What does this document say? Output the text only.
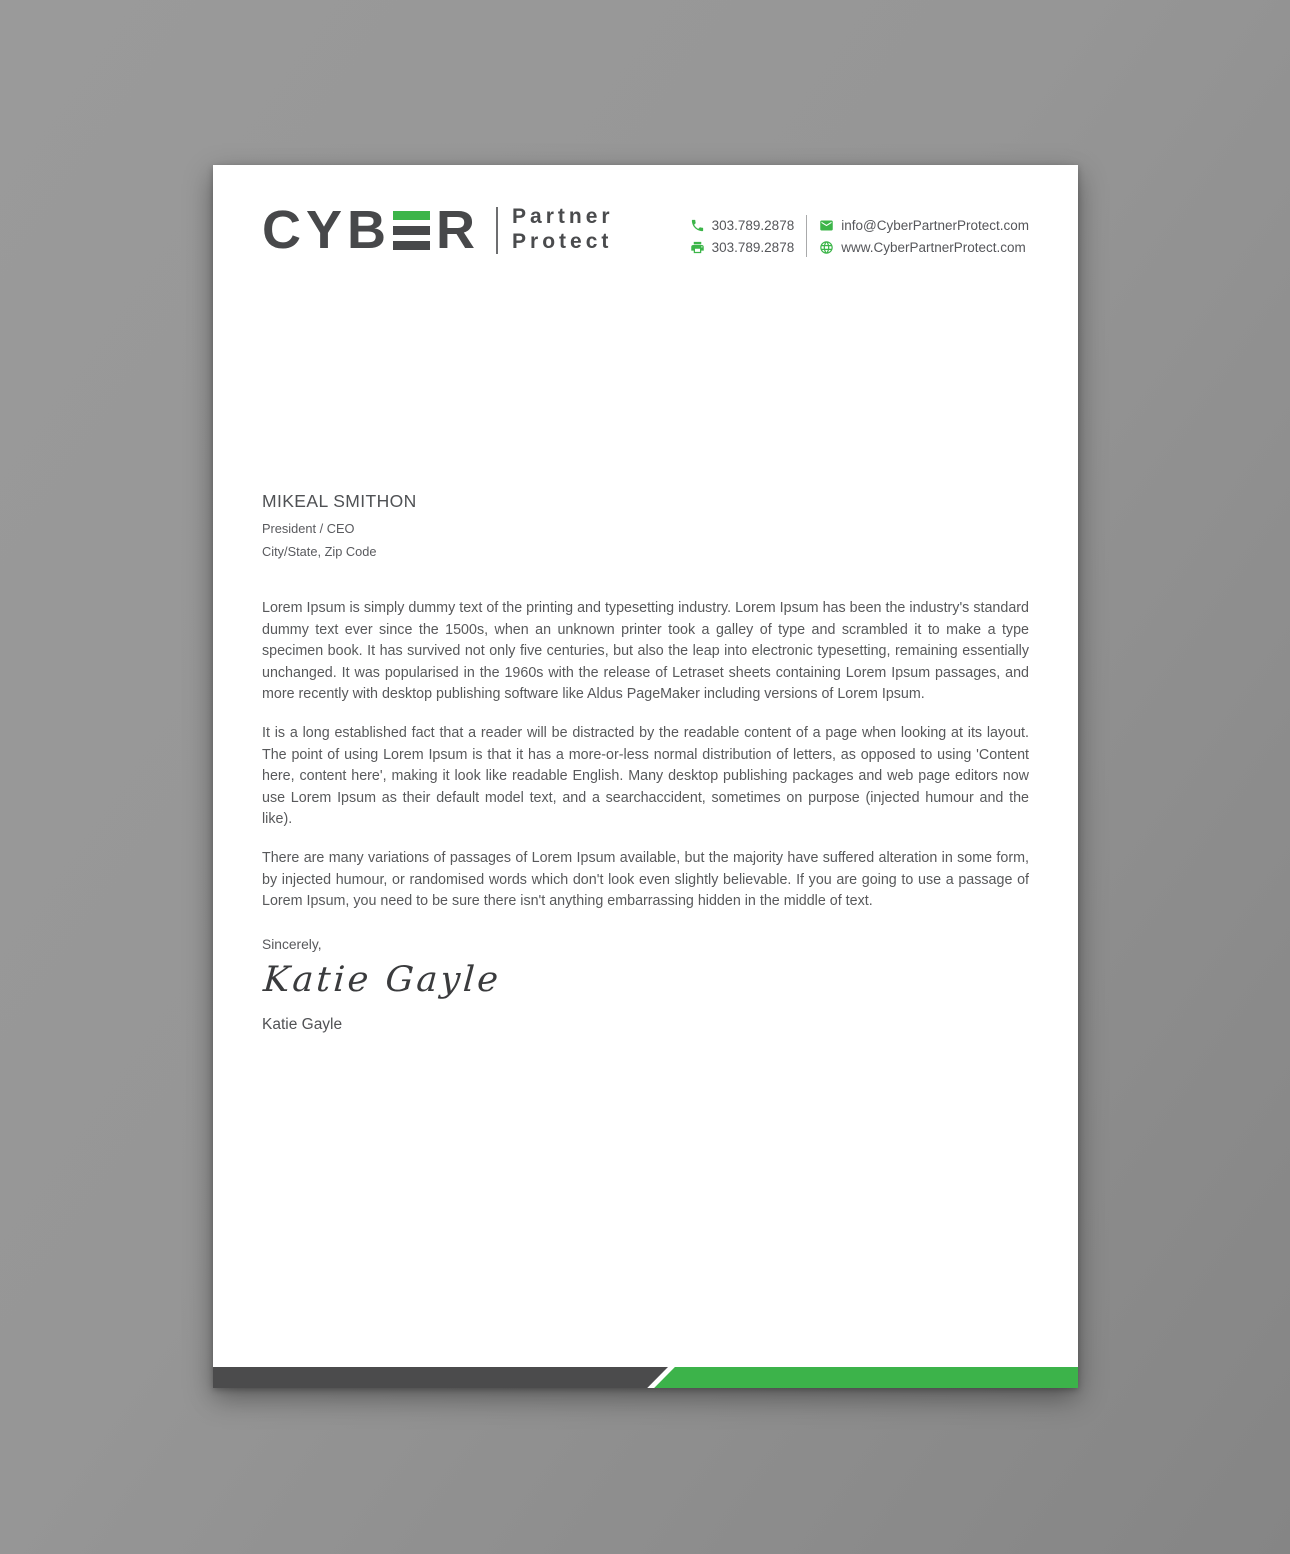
CYB R Partner
Protect
303.789.2878
303.789.2878
info@CyberPartnerProtect.com
www.CyberPartnerProtect.com
MIKEAL SMITHON
President / CEO
City/State, Zip Code

Lorem Ipsum is simply dummy text of the printing and typesetting industry. Lorem Ipsum has been the industry's standard dummy text ever since the 1500s, when an unknown printer took a galley of type and scrambled it to make a type specimen book. It has survived not only five centuries, but also the leap into electronic typesetting, remaining essentially unchanged. It was popularised in the 1960s with the release of Letraset sheets containing Lorem Ipsum passages, and more recently with desktop publishing software like Aldus PageMaker including versions of Lorem Ipsum.

It is a long established fact that a reader will be distracted by the readable content of a page when looking at its layout. The point of using Lorem Ipsum is that it has a more-or-less normal distribution of letters, as opposed to using 'Content here, content here', making it look like readable English. Many desktop publishing packages and web page editors now use Lorem Ipsum as their default model text, and a searchaccident, sometimes on purpose (injected humour and the like).

There are many variations of passages of Lorem Ipsum available, but the majority have suffered alteration in some form, by injected humour, or randomised words which don't look even slightly believable. If you are going to use a passage of Lorem Ipsum, you need to be sure there isn't anything embarrassing hidden in the middle of text.

Sincerely,
Katie Gayle
Katie Gayle
